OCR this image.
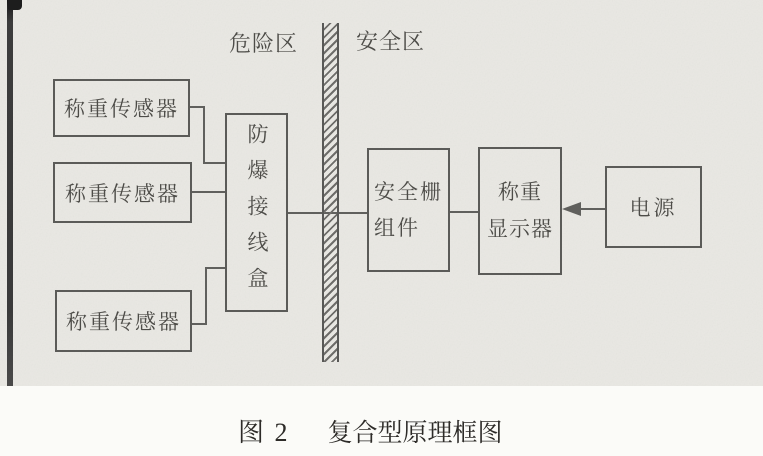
危险区	安全区
称重传感器
称重传感器
称重传感器
防爆接线盒	安全栅
组件
称重
显示器
电源
图 2 复合型原理框图
